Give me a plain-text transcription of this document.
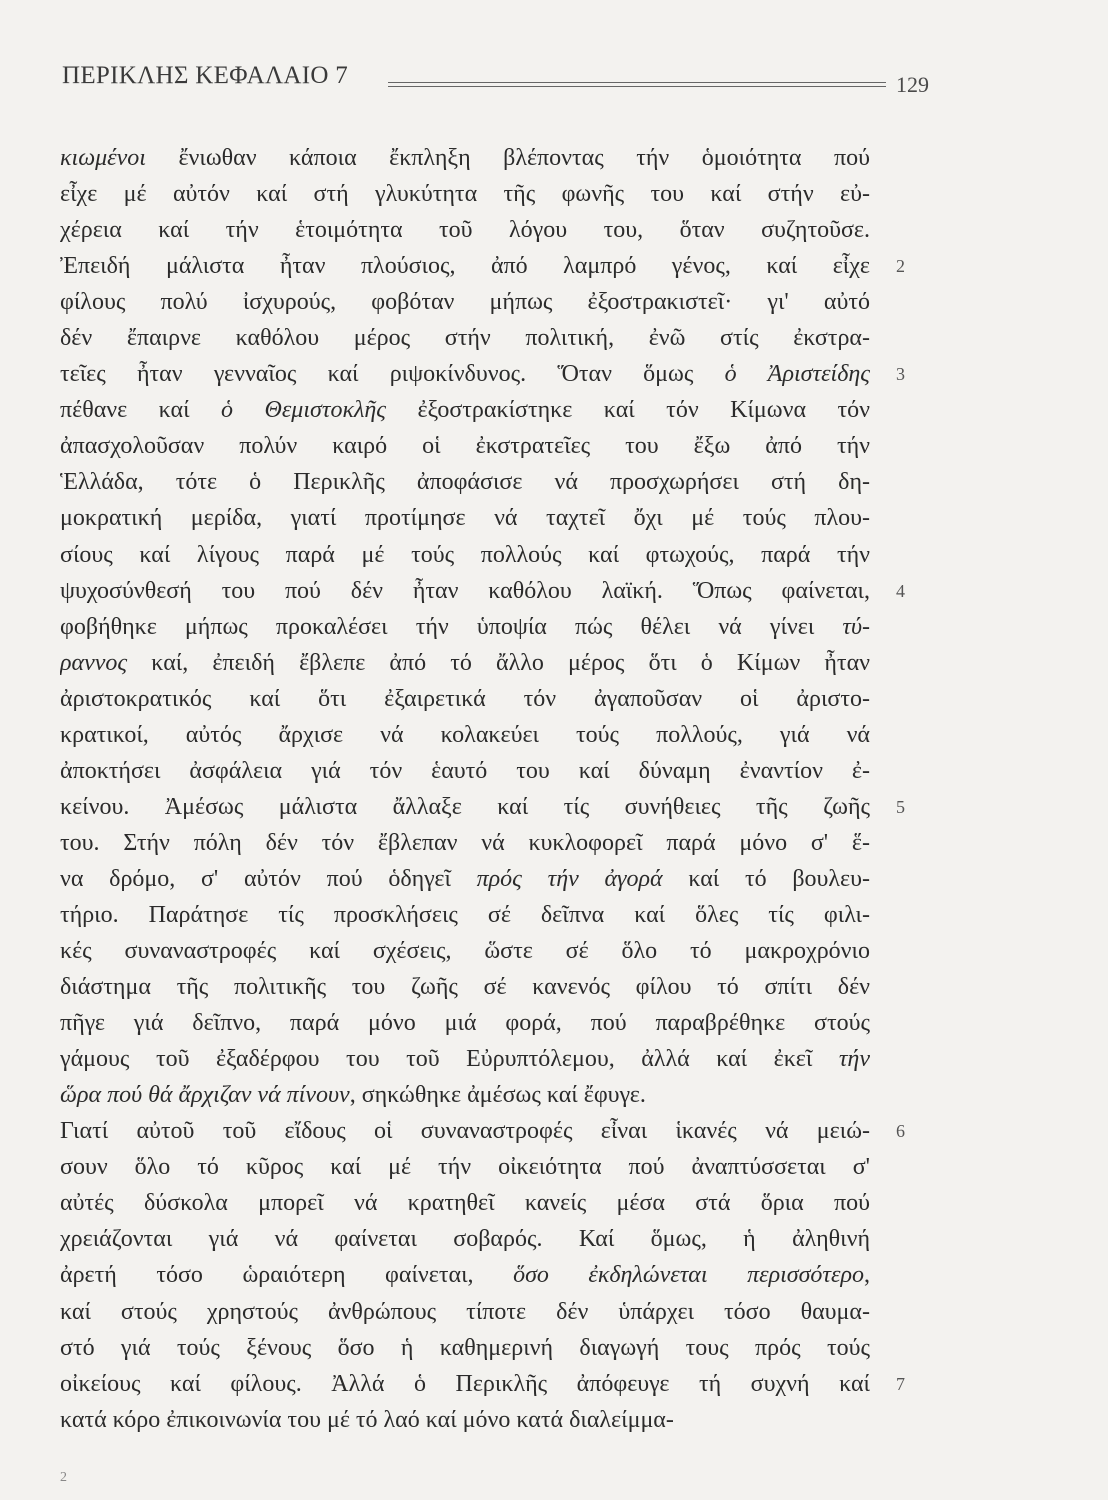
ΠΕΡΙΚΛΗΣ ΚΕΦΑΛΑΙΟ 7	129
κιωμένοι ἔνιωθαν κάποια ἔκπληξη βλέποντας τήν ὁμοιότητα πού
εἶχε μέ αὐτόν καί στή γλυκύτητα τῆς φωνῆς του καί στήν εὐ-
χέρεια καί τήν ἑτοιμότητα τοῦ λόγου του, ὅταν συζητοῦσε.
Ἐπειδή μάλιστα ἦταν πλούσιος, ἀπό λαμπρό γένος, καί εἶχε
φίλους πολύ ἰσχυρούς, φοβόταν μήπως ἐξοστρακιστεῖ· γι' αὐτό
δέν ἔπαιρνε καθόλου μέρος στήν πολιτική, ἐνῶ στίς ἐκστρα-
τεῖες ἦταν γενναῖος καί ριψοκίνδυνος. Ὅταν ὅμως ὁ Ἀριστείδης
πέθανε καί ὁ Θεμιστοκλῆς ἐξοστρακίστηκε καί τόν Κίμωνα τόν
ἀπασχολοῦσαν πολύν καιρό οἱ ἐκστρατεῖες του ἔξω ἀπό τήν
Ἑλλάδα, τότε ὁ Περικλῆς ἀποφάσισε νά προσχωρήσει στή δη-
μοκρατική μερίδα, γιατί προτίμησε νά ταχτεῖ ὄχι μέ τούς πλου-
σίους καί λίγους παρά μέ τούς πολλούς καί φτωχούς, παρά τήν
ψυχοσύνθεσή του πού δέν ἦταν καθόλου λαϊκή. Ὅπως φαίνεται,
φοβήθηκε μήπως προκαλέσει τήν ὑποψία πώς θέλει νά γίνει τύ-
ραννος καί, ἐπειδή ἔβλεπε ἀπό τό ἄλλο μέρος ὅτι ὁ Κίμων ἦταν
ἀριστοκρατικός καί ὅτι ἐξαιρετικά τόν ἀγαποῦσαν οἱ ἀριστο-
κρατικοί, αὐτός ἄρχισε νά κολακεύει τούς πολλούς, γιά νά
ἀποκτήσει ἀσφάλεια γιά τόν ἑαυτό του καί δύναμη ἐναντίον ἐ-
κείνου. Ἀμέσως μάλιστα ἄλλαξε καί τίς συνήθειες τῆς ζωῆς
του. Στήν πόλη δέν τόν ἔβλεπαν νά κυκλοφορεῖ παρά μόνο σ' ἕ-
να δρόμο, σ' αὐτόν πού ὁδηγεῖ πρός τήν ἀγορά καί τό βουλευ-
τήριο. Παράτησε τίς προσκλήσεις σέ δεῖπνα καί ὅλες τίς φιλι-
κές συναναστροφές καί σχέσεις, ὥστε σέ ὅλο τό μακροχρόνιο
διάστημα τῆς πολιτικῆς του ζωῆς σέ κανενός φίλου τό σπίτι δέν
πῆγε γιά δεῖπνο, παρά μόνο μιά φορά, πού παραβρέθηκε στούς
γάμους τοῦ ἐξαδέρφου του τοῦ Εὐρυπτόλεμου, ἀλλά καί ἐκεῖ τήν
ὥρα πού θά ἄρχιζαν νά πίνουν, σηκώθηκε ἀμέσως καί ἔφυγε.
Γιατί αὐτοῦ τοῦ εἴδους οἱ συναναστροφές εἶναι ἱκανές νά μειώ-
σουν ὅλο τό κῦρος καί μέ τήν οἰκειότητα πού ἀναπτύσσεται σ'
αὐτές δύσκολα μπορεῖ νά κρατηθεῖ κανείς μέσα στά ὅρια πού
χρειάζονται γιά νά φαίνεται σοβαρός. Καί ὅμως, ἡ ἀληθινή
ἀρετή τόσο ὡραιότερη φαίνεται, ὅσο ἐκδηλώνεται περισσότερο,
καί στούς χρηστούς ἀνθρώπους τίποτε δέν ὑπάρχει τόσο θαυμα-
στό γιά τούς ξένους ὅσο ἡ καθημερινή διαγωγή τους πρός τούς
οἰκείους καί φίλους. Ἀλλά ὁ Περικλῆς ἀπόφευγε τή συχνή καί
κατά κόρο ἐπικοινωνία του μέ τό λαό καί μόνο κατά διαλείμμα-
2
3
4
5
6
7
2
